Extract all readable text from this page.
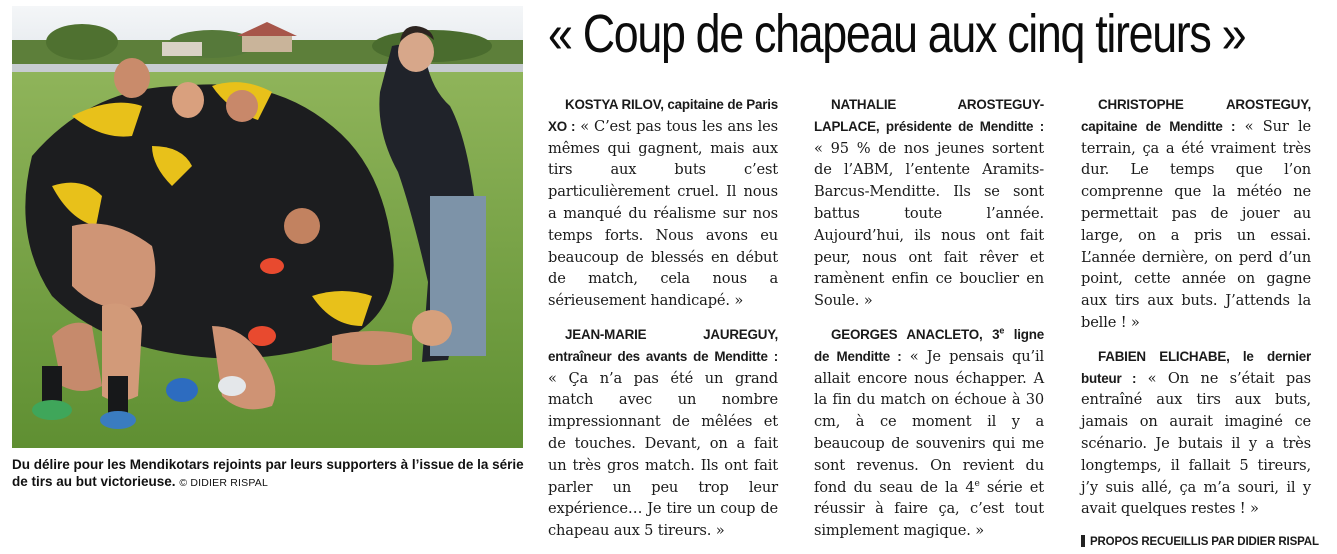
Du délire pour les Mendikotars rejoints par leurs supporters à l’issue de la série de tirs au but victorieuse. © DIDIER RISPAL
« Coup de chapeau aux cinq tireurs »

KOSTYA RILOV, capitaine de Paris XO : « C’est pas tous les ans les mêmes qui gagnent, mais aux tirs aux buts c’est particulièrement cruel. Il nous a manqué du réalisme sur nos temps forts. Nous avons eu beaucoup de blessés en début de match, cela nous a sérieusement handicapé. »

JEAN-MARIE JAUREGUY, entraîneur des avants de Menditte : « Ça n’a pas été un grand match avec un nombre impressionnant de mêlées et de touches. Devant, on a fait un très gros match. Ils ont fait parler un peu trop leur expérience… Je tire un coup de chapeau aux 5 tireurs. »

NATHALIE AROSTEGUY-LAPLACE, présidente de Menditte : « 95 % de nos jeunes sortent de l’ABM, l’entente Aramits-Barcus-Menditte. Ils se sont battus toute l’année. Aujourd’hui, ils nous ont fait peur, nous ont fait rêver et ramènent enfin ce bouclier en Soule. »

GEORGES ANACLETO, 3e ligne de Menditte : « Je pensais qu’il allait encore nous échapper. A la fin du match on échoue à 30 cm, à ce moment il y a beaucoup de souvenirs qui me sont revenus. On revient du fond du seau de la 4e série et réussir à faire ça, c’est tout simplement magique. »

CHRISTOPHE AROSTEGUY, capitaine de Menditte : « Sur le terrain, ça a été vraiment très dur. Le temps que l’on comprenne que la météo ne permettait pas de jouer au large, on a pris un essai. L’année dernière, on perd d’un point, cette année on gagne aux tirs aux buts. J’attends la belle ! »

FABIEN ELICHABE, le dernier buteur : « On ne s’était pas entraîné aux tirs aux buts, jamais on aurait imaginé ce scénario. Je butais il y a très longtemps, il fallait 5 tireurs, j’y suis allé, ça m’a souri, il y avait quelques restes ! »

PROPOS RECUEILLIS PAR DIDIER RISPAL
